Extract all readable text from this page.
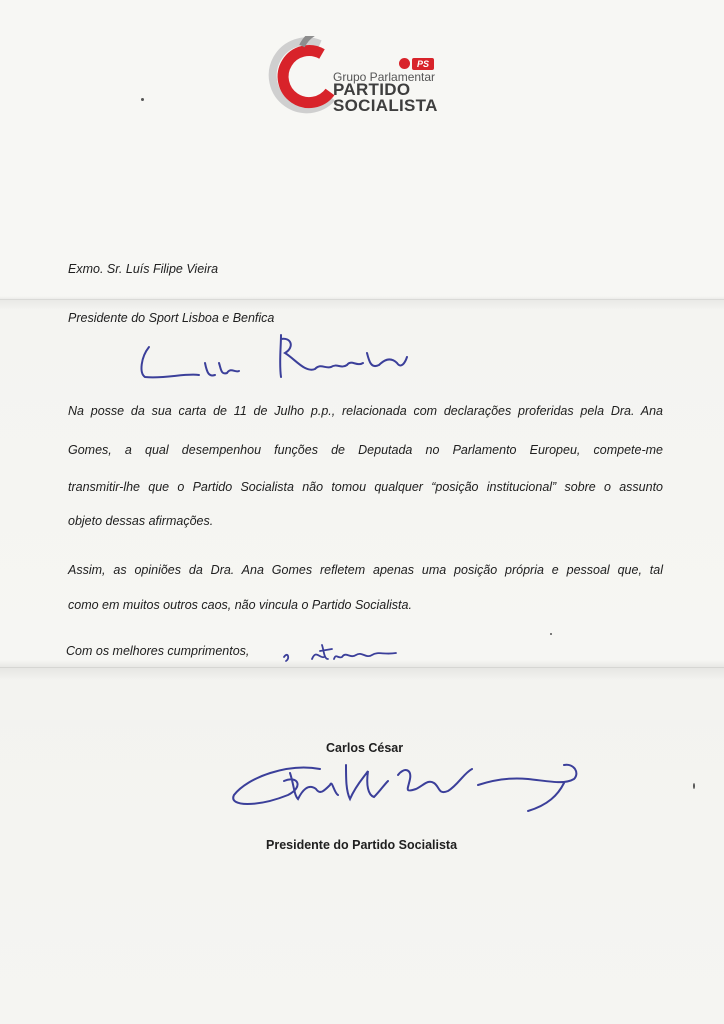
PS
Grupo Parlamentar
PARTIDO
SOCIALISTA
Exmo. Sr. Luís Filipe Vieira
Presidente do Sport Lisboa e Benfica
Na posse da sua carta de 11 de Julho p.p., relacionada com declarações proferidas pela Dra. Ana
Gomes, a qual desempenhou funções de Deputada no Parlamento Europeu, compete-me
transmitir-lhe que o Partido Socialista não tomou qualquer “posição institucional” sobre o assunto
objeto dessas afirmações.
Assim, as opiniões da Dra. Ana Gomes refletem apenas uma posição própria e pessoal que, tal
como em muitos outros caos, não vincula o Partido Socialista.
Com os melhores cumprimentos,
Carlos César
Presidente do Partido Socialista
